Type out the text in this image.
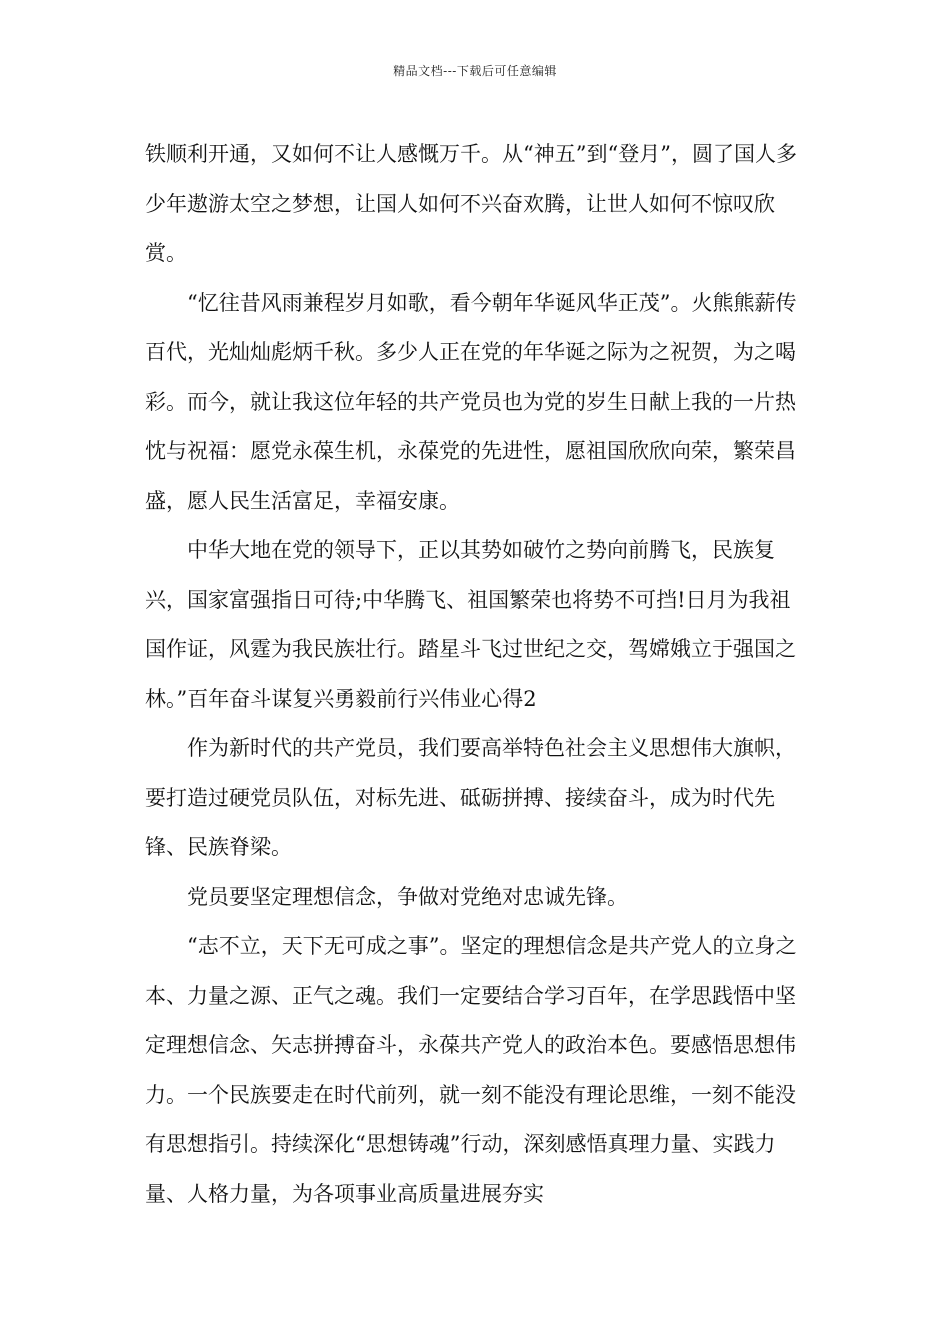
精品文档---下载后可任意编辑

铁顺利开通，又如何不让人感慨万千。从“神五”到“登月”，圆了国人多少年遨游太空之梦想，让国人如何不兴奋欢腾，让世人如何不惊叹欣赏。

“忆往昔风雨兼程岁月如歌，看今朝年华诞风华正茂”。火熊熊薪传百代，光灿灿彪炳千秋。多少人正在党的年华诞之际为之祝贺，为之喝彩。而今，就让我这位年轻的共产党员也为党的岁生日献上我的一片热忱与祝福：愿党永葆生机，永葆党的先进性，愿祖国欣欣向荣，繁荣昌盛，愿人民生活富足，幸福安康。

中华大地在党的领导下，正以其势如破竹之势向前腾飞，民族复兴，国家富强指日可待;中华腾飞、祖国繁荣也将势不可挡!日月为我祖国作证，风霆为我民族壮行。踏星斗飞过世纪之交，驾嫦娥立于强国之林。”百年奋斗谋复兴勇毅前行兴伟业心得2

作为新时代的共产党员，我们要高举特色社会主义思想伟大旗帜，要打造过硬党员队伍，对标先进、砥砺拼搏、接续奋斗，成为时代先锋、民族脊梁。

党员要坚定理想信念，争做对党绝对忠诚先锋。

“志不立，天下无可成之事”。坚定的理想信念是共产党人的立身之本、力量之源、正气之魂。我们一定要结合学习百年，在学思践悟中坚定理想信念、矢志拼搏奋斗，永葆共产党人的政治本色。要感悟思想伟力。一个民族要走在时代前列，就一刻不能没有理论思维，一刻不能没有思想指引。持续深化“思想铸魂”行动，深刻感悟真理力量、实践力量、人格力量，为各项事业高质量进展夯实
